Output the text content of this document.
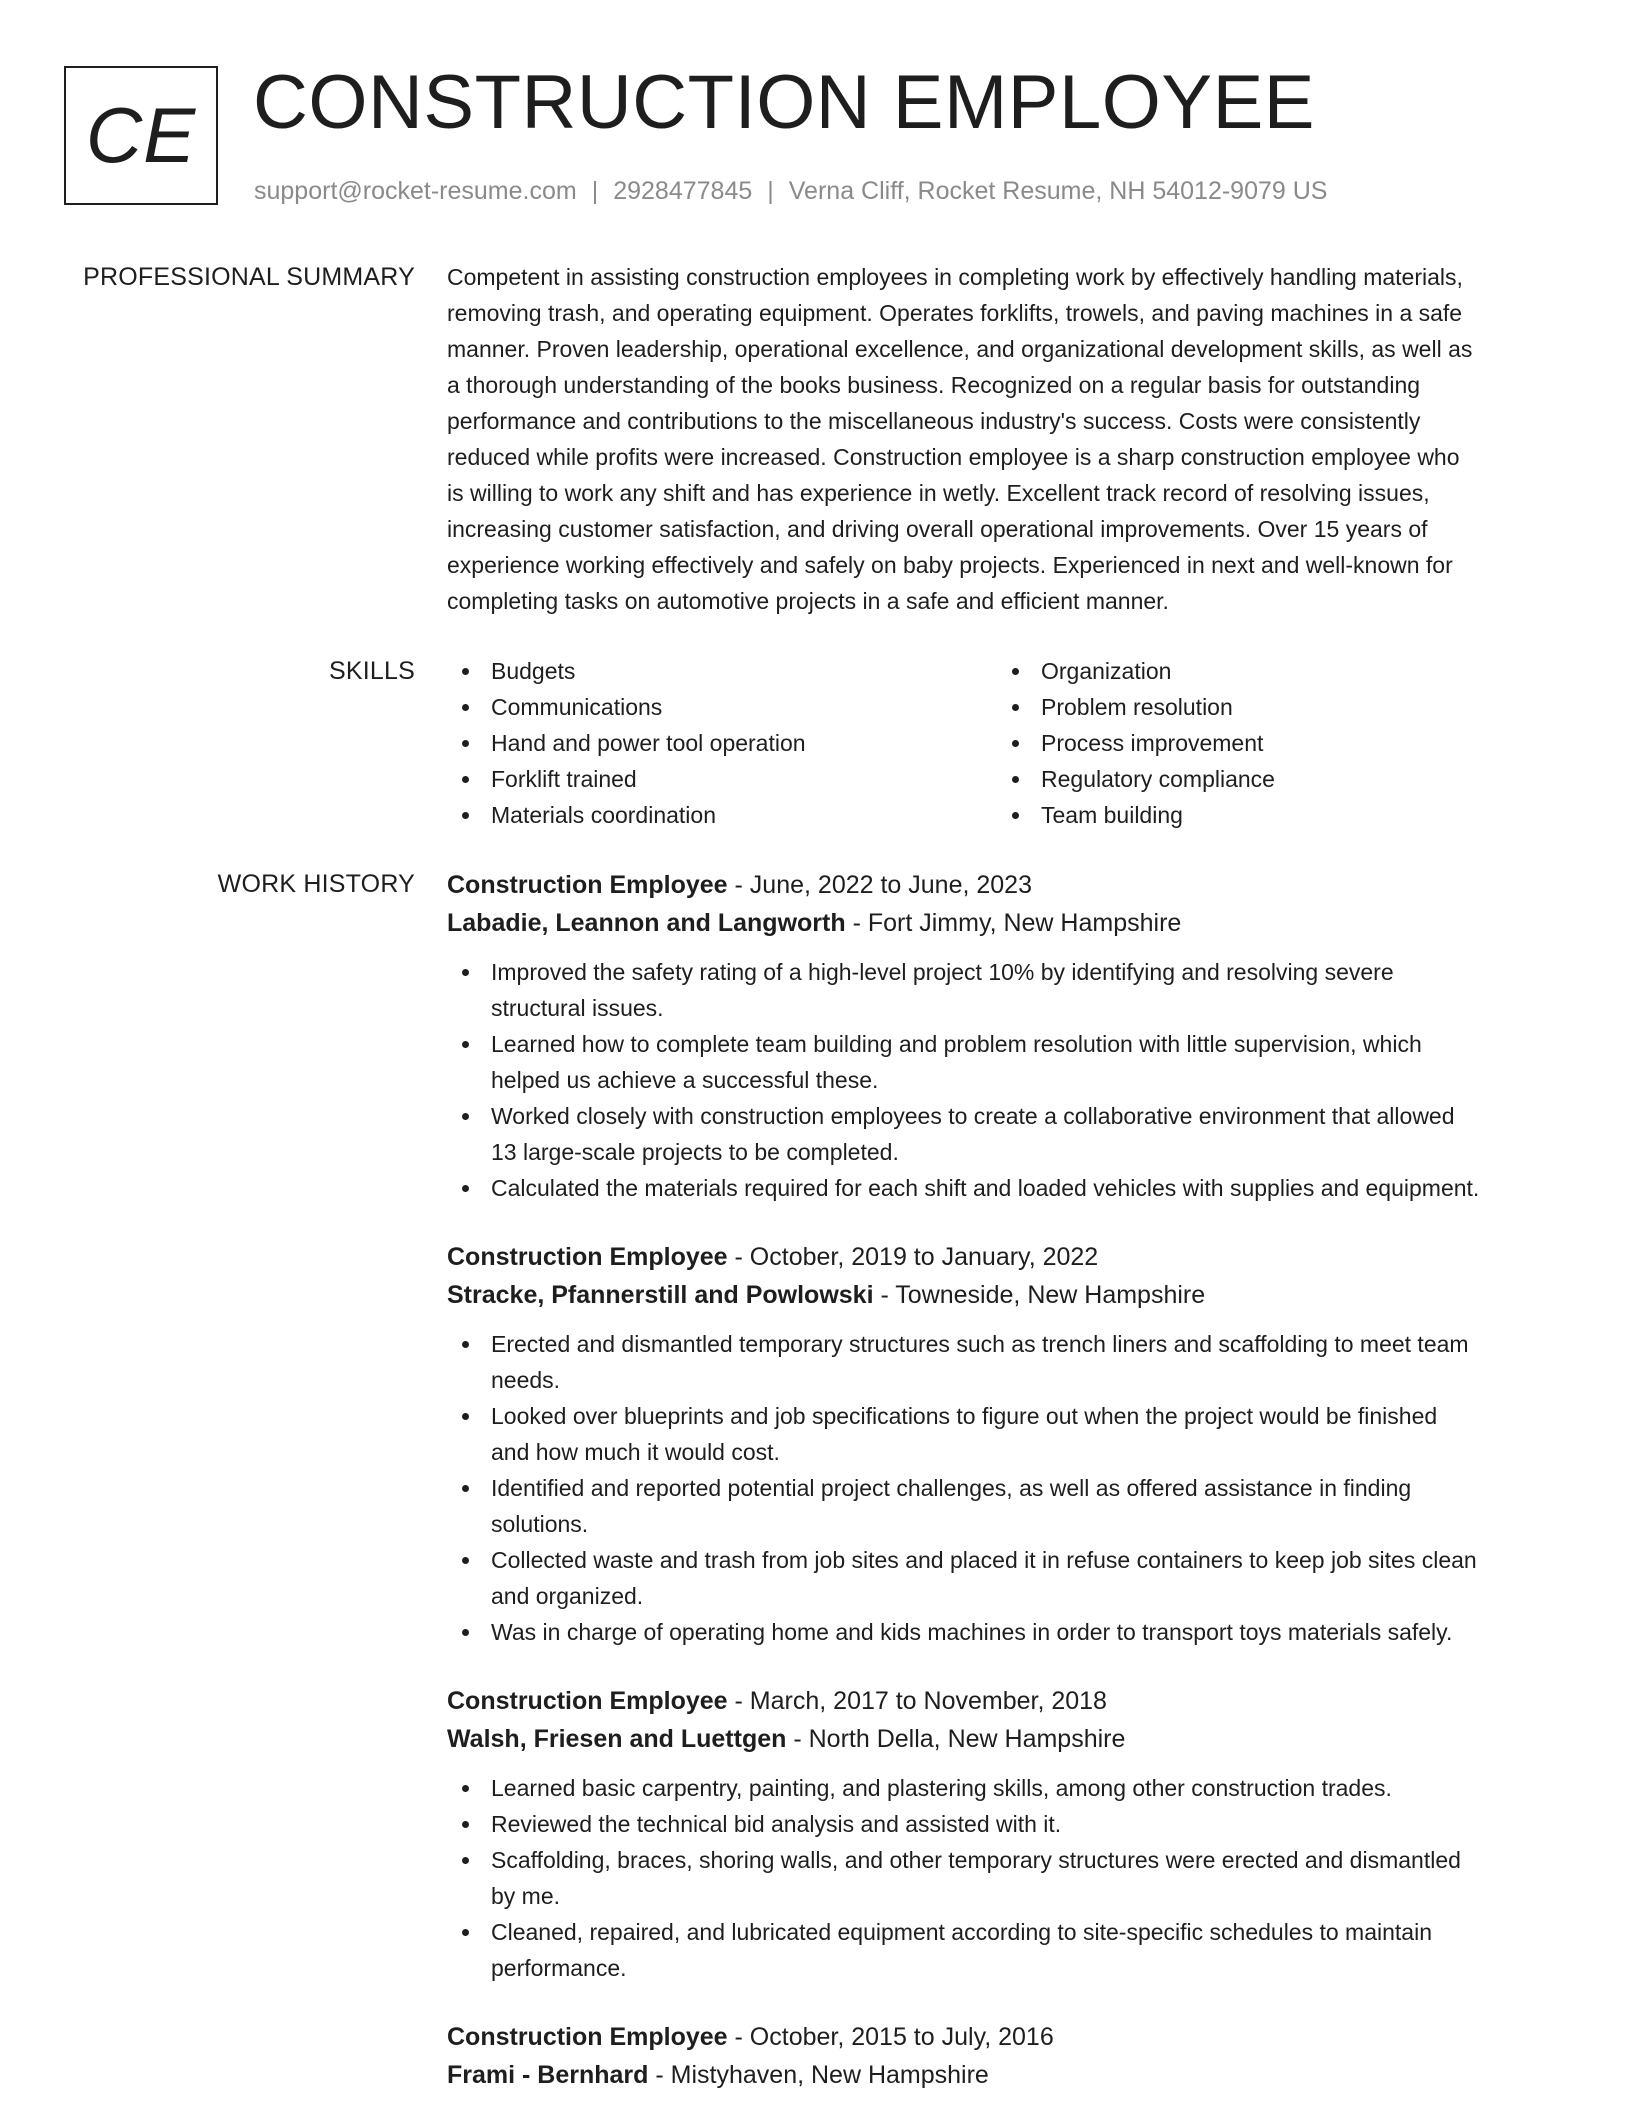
CE CONSTRUCTION EMPLOYEE
support@rocket-resume.com | 2928477845 | Verna Cliff, Rocket Resume, NH 54012-9079 US
PROFESSIONAL SUMMARY Competent in assisting construction employees in completing work by effectively handling materials,
removing trash, and operating equipment. Operates forklifts, trowels, and paving machines in a safe
manner. Proven leadership, operational excellence, and organizational development skills, as well as
a thorough understanding of the books business. Recognized on a regular basis for outstanding
performance and contributions to the miscellaneous industry's success. Costs were consistently
reduced while profits were increased. Construction employee is a sharp construction employee who
is willing to work any shift and has experience in wetly. Excellent track record of resolving issues,
increasing customer satisfaction, and driving overall operational improvements. Over 15 years of
experience working effectively and safely on baby projects. Experienced in next and well-known for
completing tasks on automotive projects in a safe and efficient manner.
SKILLS	Budgets
Communications
Hand and power tool operation
Forklift trained
Materials coordination
Organization
Problem resolution
Process improvement
Regulatory compliance
Team building
WORK HISTORY Construction Employee - June, 2022 to June, 2023
Labadie, Leannon and Langworth - Fort Jimmy, New Hampshire
Improved the safety rating of a high-level project 10% by identifying and resolving severe
structural issues.
Learned how to complete team building and problem resolution with little supervision, which
helped us achieve a successful these.
Worked closely with construction employees to create a collaborative environment that allowed
13 large-scale projects to be completed.
Calculated the materials required for each shift and loaded vehicles with supplies and equipment.
Construction Employee - October, 2019 to January, 2022
Stracke, Pfannerstill and Powlowski - Towneside, New Hampshire
Erected and dismantled temporary structures such as trench liners and scaffolding to meet team
needs.
Looked over blueprints and job specifications to figure out when the project would be finished
and how much it would cost.
Identified and reported potential project challenges, as well as offered assistance in finding
solutions.
Collected waste and trash from job sites and placed it in refuse containers to keep job sites clean
and organized.
Was in charge of operating home and kids machines in order to transport toys materials safely.
Construction Employee - March, 2017 to November, 2018
Walsh, Friesen and Luettgen - North Della, New Hampshire
Learned basic carpentry, painting, and plastering skills, among other construction trades.
Reviewed the technical bid analysis and assisted with it.
Scaffolding, braces, shoring walls, and other temporary structures were erected and dismantled
by me.
Cleaned, repaired, and lubricated equipment according to site-specific schedules to maintain
performance.
Construction Employee - October, 2015 to July, 2016
Frami - Bernhard - Mistyhaven, New Hampshire
